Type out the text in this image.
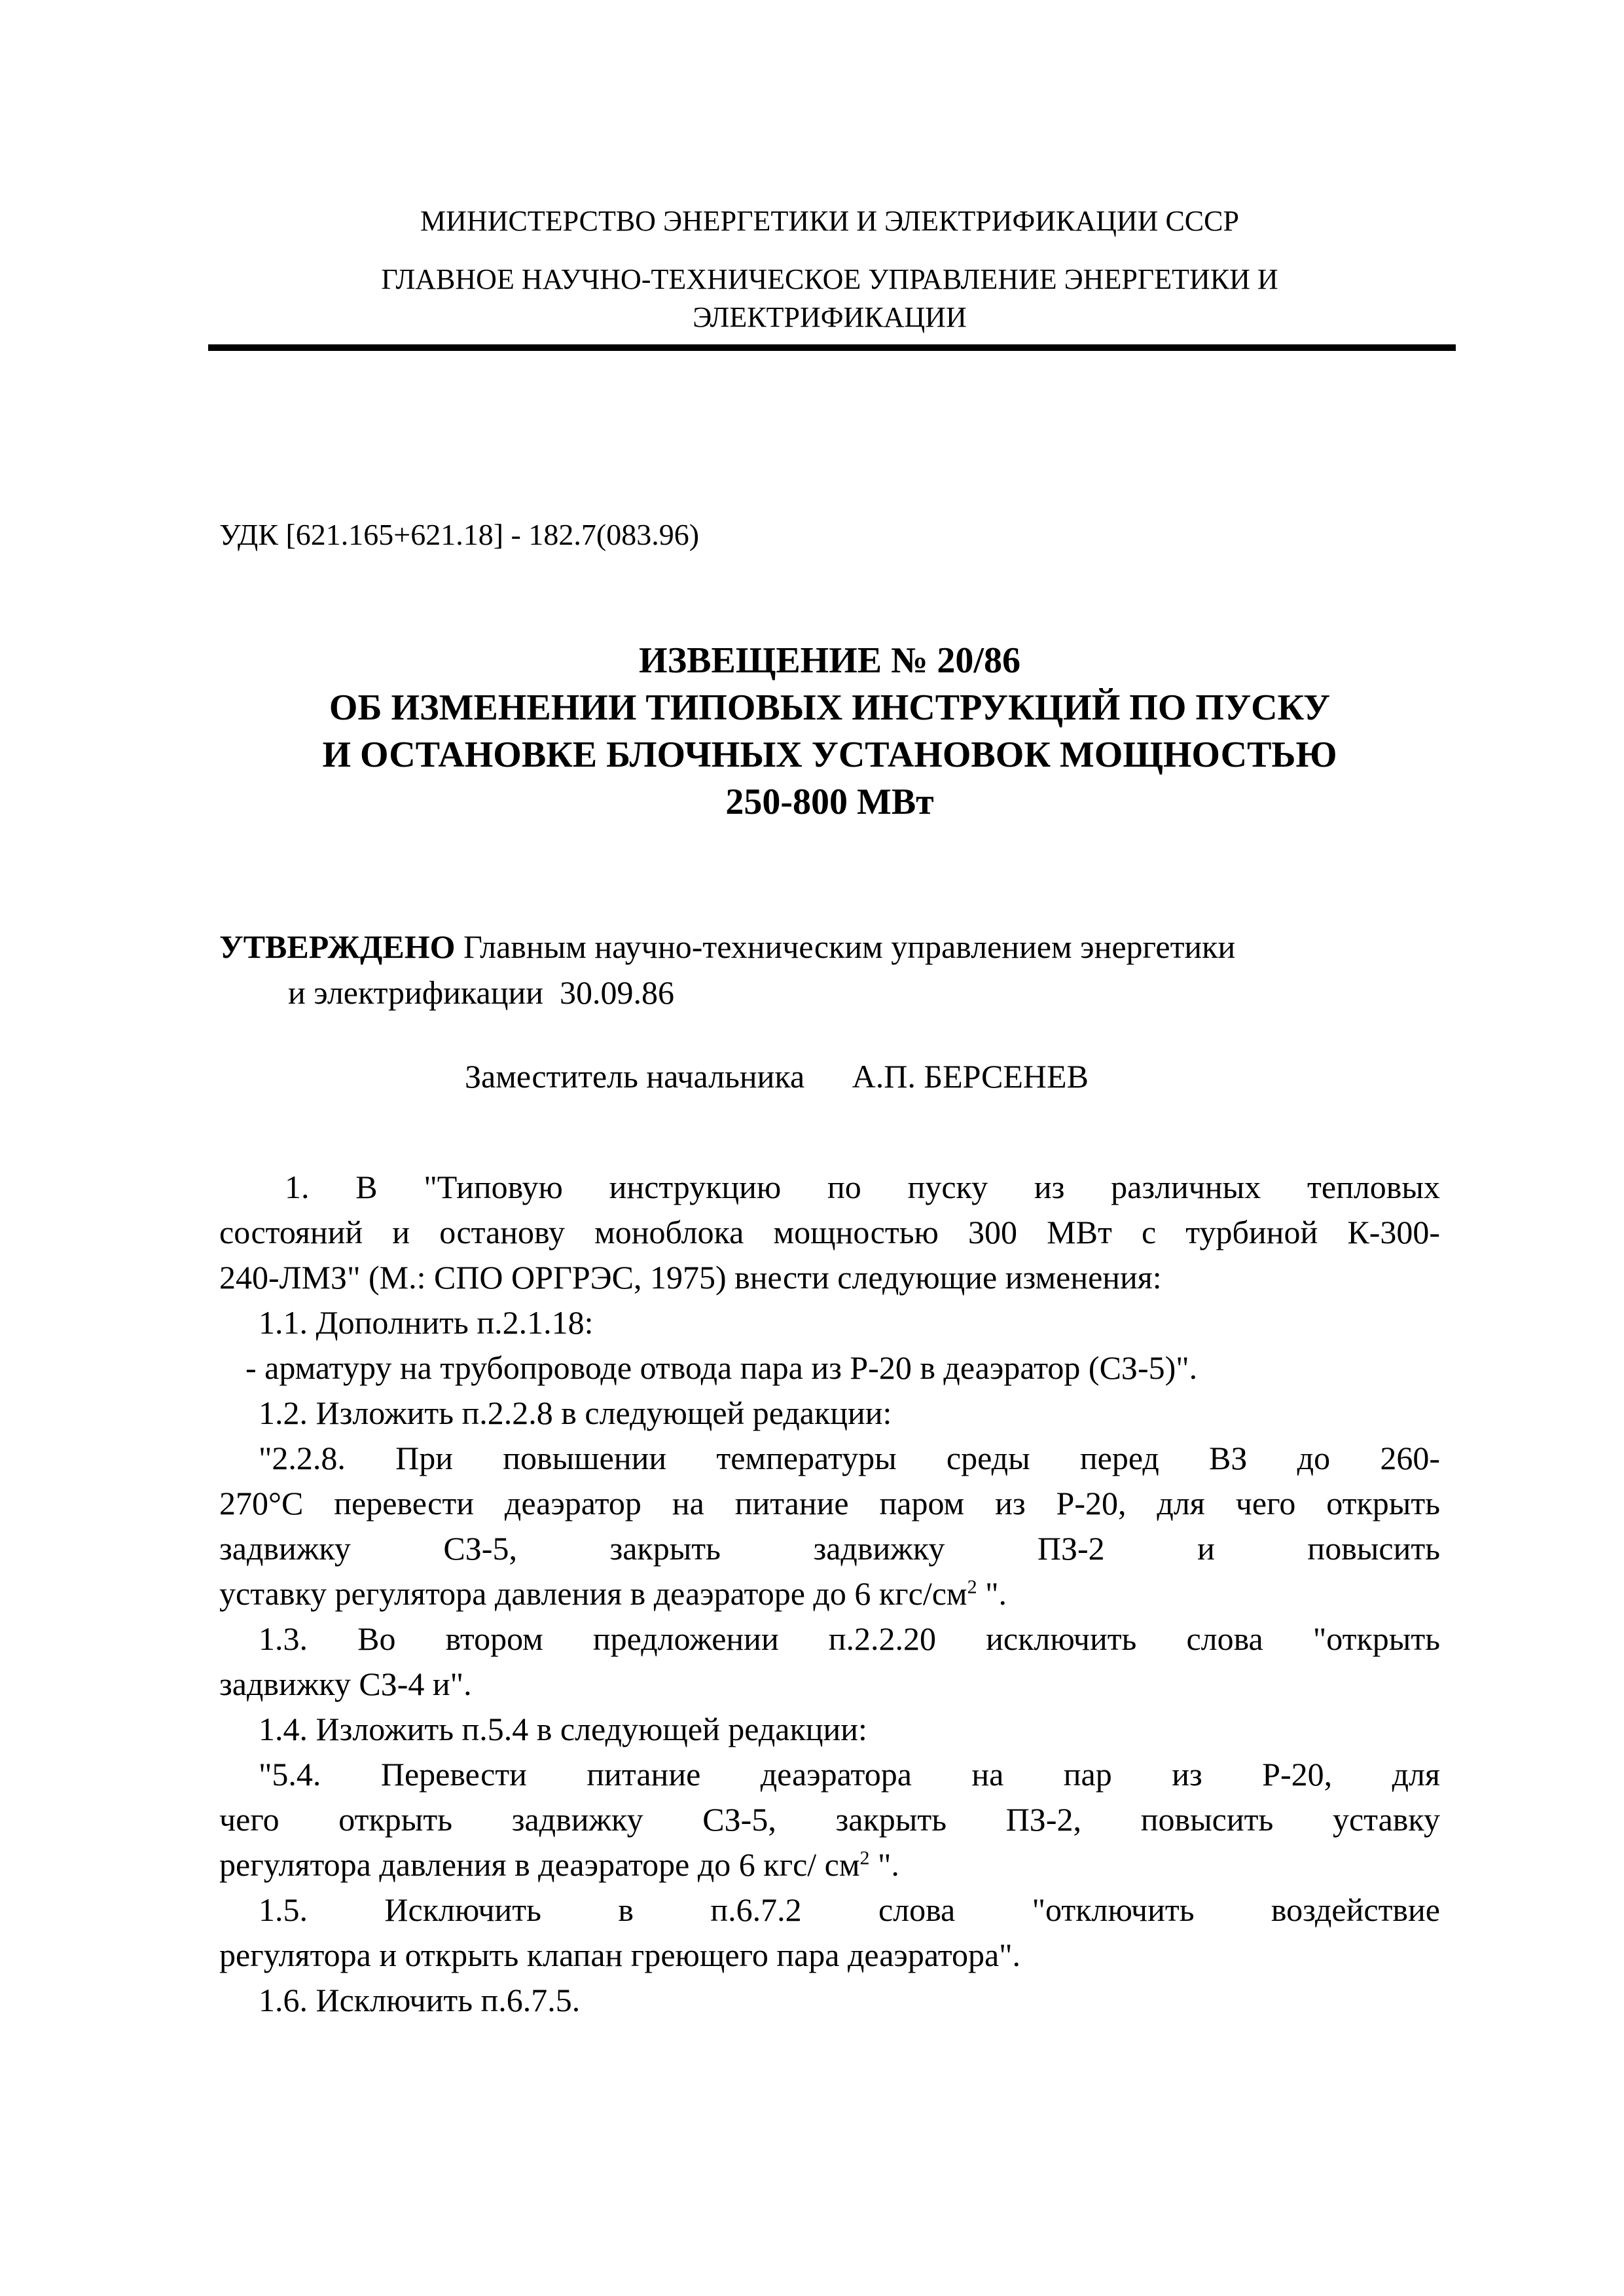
МИНИСТЕРСТВО ЭНЕРГЕТИКИ И ЭЛЕКТРИФИКАЦИИ СССР
ГЛАВНОЕ НАУЧНО-ТЕХНИЧЕСКОЕ УПРАВЛЕНИЕ ЭНЕРГЕТИКИ И ЭЛЕКТРИФИКАЦИИ
УДК [621.165+621.18] - 182.7(083.96)
ИЗВЕЩЕНИЕ № 20/86
ОБ ИЗМЕНЕНИИ ТИПОВЫХ ИНСТРУКЦИЙ ПО ПУСКУ
И ОСТАНОВКЕ БЛОЧНЫХ УСТАНОВОК МОЩНОСТЬЮ
250-800 МВт
УТВЕРЖДЕНО Главным научно-техническим управлением энергетики
и электрификации  30.09.86
Заместитель начальника А.П. БЕРСЕНЕВ
1. В "Типовую инструкцию по пуску из различных тепловых
состояний и останову моноблока мощностью 300 МВт с турбиной К-300-
240-ЛМЗ" (М.: СПО ОРГРЭС, 1975) внести следующие изменения:
1.1. Дополнить п.2.1.18:
- арматуру на трубопроводе отвода пара из Р-20 в деаэратор (СЗ-5)".
1.2. Изложить п.2.2.8 в следующей редакции:
"2.2.8. При повышении температуры среды перед ВЗ до 260-
270°С перевести деаэратор на питание паром из Р-20, для чего открыть
задвижку СЗ-5, закрыть задвижку ПЗ-2 и повысить
уставку регулятора давления в деаэраторе до 6 кгс/$см^2$ ".
1.3. Во втором предложении п.2.2.20 исключить слова "открыть
задвижку СЗ-4 и".
1.4. Изложить п.5.4 в следующей редакции:
"5.4. Перевести питание деаэратора на пар из Р-20, для
чего открыть задвижку СЗ-5, закрыть ПЗ-2, повысить уставку
регулятора давления в деаэраторе до 6 кгс/ $см^2$ ".
1.5. Исключить в п.6.7.2 слова "отключить воздействие
регулятора и открыть клапан греющего пара деаэратора".
1.6. Исключить п.6.7.5.
